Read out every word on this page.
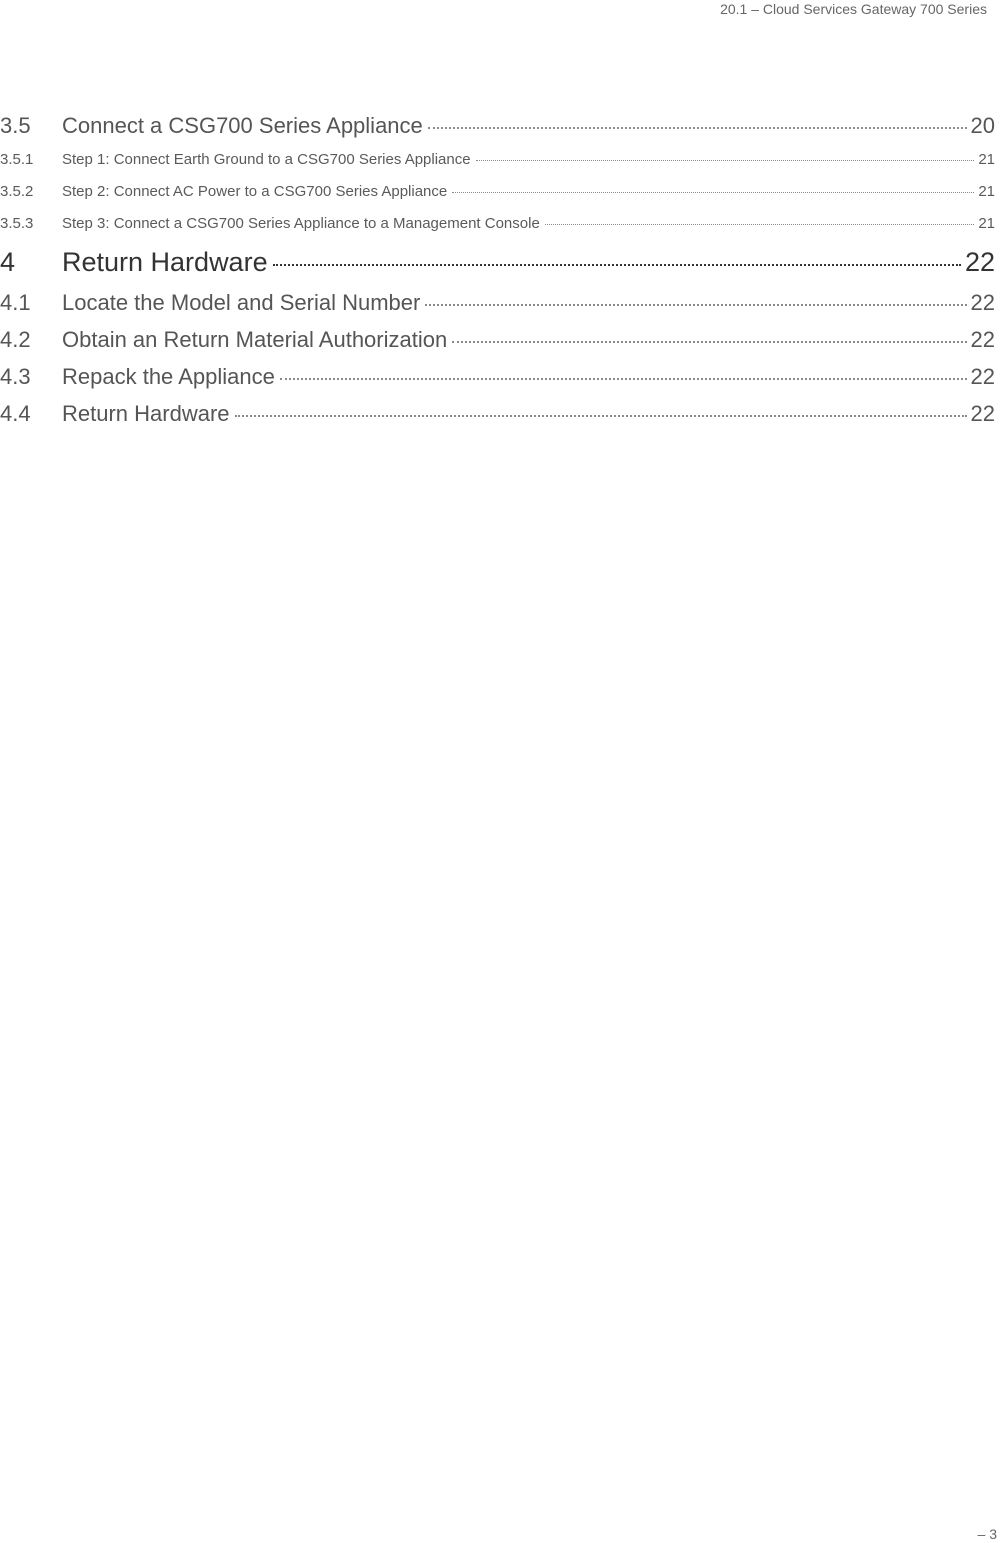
20.1 – Cloud Services Gateway 700 Series
3.5	Connect a CSG700 Series Appliance	20
3.5.1	Step 1: Connect Earth Ground to a CSG700 Series Appliance	21
3.5.2	Step 2: Connect AC Power to a CSG700 Series Appliance	21
3.5.3	Step 3: Connect a CSG700 Series Appliance to a Management Console	21
4	Return Hardware	22
4.1	Locate the Model and Serial Number	22
4.2	Obtain an Return Material Authorization	22
4.3	Repack the Appliance	22
4.4	Return Hardware	22
– 3
